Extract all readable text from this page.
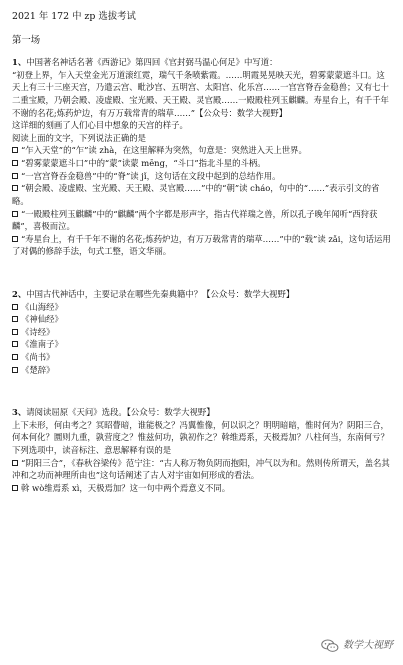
2021 年 172 中 zp 选拔考试
第一场

1、中国著名神话名著《西游记》第四回《官封弼马温心何足》中写道：

“初登上界，乍入天堂金光万道滚红霓，瑞气千条喷紫霞。……明霞晃晃映天光，碧雾蒙蒙遮斗口。这天上有三十三座天宫，乃遣云宫、毗沙宫、五明宫、太阳宫、化乐宫……一宫宫脊吞金稳兽；又有七十二重宝殿，乃朝会殿、凌虚殿、宝光殿、天王殿、灵官殿……一殿殿柱列玉麒麟。寿星台上，有千千年不谢的名花;炼药炉边，有万万载常青的瑞草……”【公众号：数学大视野】

这详细的刻画了人们心目中想象的天宫的样子。

阅读上面的文字，下列说法正确的是

“乍入天堂”的“乍”读 zhà，在这里解释为突然，句意是：突然进入天上世界。
“碧雾蒙蒙遮斗口”中的“蒙”读蒙 mēng，“斗口”指北斗星的斗柄。
“一宫宫脊吞金稳兽”中的“脊”读 jǐ，这句话在文段中起到的总结作用。
“朝会殿、凌虚殿、宝光殿、天王殿、灵官殿……”中的“朝”读 cháo，句中的“……”表示引文的省略。
“一殿殿柱列玉麒麟”中的“麒麟”两个字都是形声字，指古代祥瑞之兽，所以孔子晚年闻听“西狩获麟”，喜极而泣。
“寿星台上，有千千年不谢的名花;炼药炉边，有万万载常青的瑞草……”中的“载”读 zǎi，这句话运用了对偶的修辞手法，句式工整，语文华丽。

2、中国古代神话中，主要记录在哪些先秦典籍中？【公众号：数学大视野】

《山海经》
《神仙经》
《诗经》
《淮南子》
《尚书》
《楚辞》

3、请阅读屈原《天问》选段。【公众号：数学大视野】

上下未形，何由考之？冥昭瞢暗，谁能极之？冯翼惟像，何以识之？明明暗暗，惟时何为？阴阳三合，何本何化？圜则九重，孰营度之？惟兹何功，孰初作之？斡维焉系，天极焉加？八柱何当，东南何亏？

下列选项中，读音标注、意思解释有误的是

“阴阳三合”，《春秋谷梁传》范宁注：“古人称万物负阴而抱阳，冲气以为和。然则传所谓天，盖名其冲和之功而神理所由也”这句话阐述了古人对宇宙如何形成的看法。
斡 wò维焉系 xì，天极焉加？这一句中两个焉意义不同。
数学大视野
